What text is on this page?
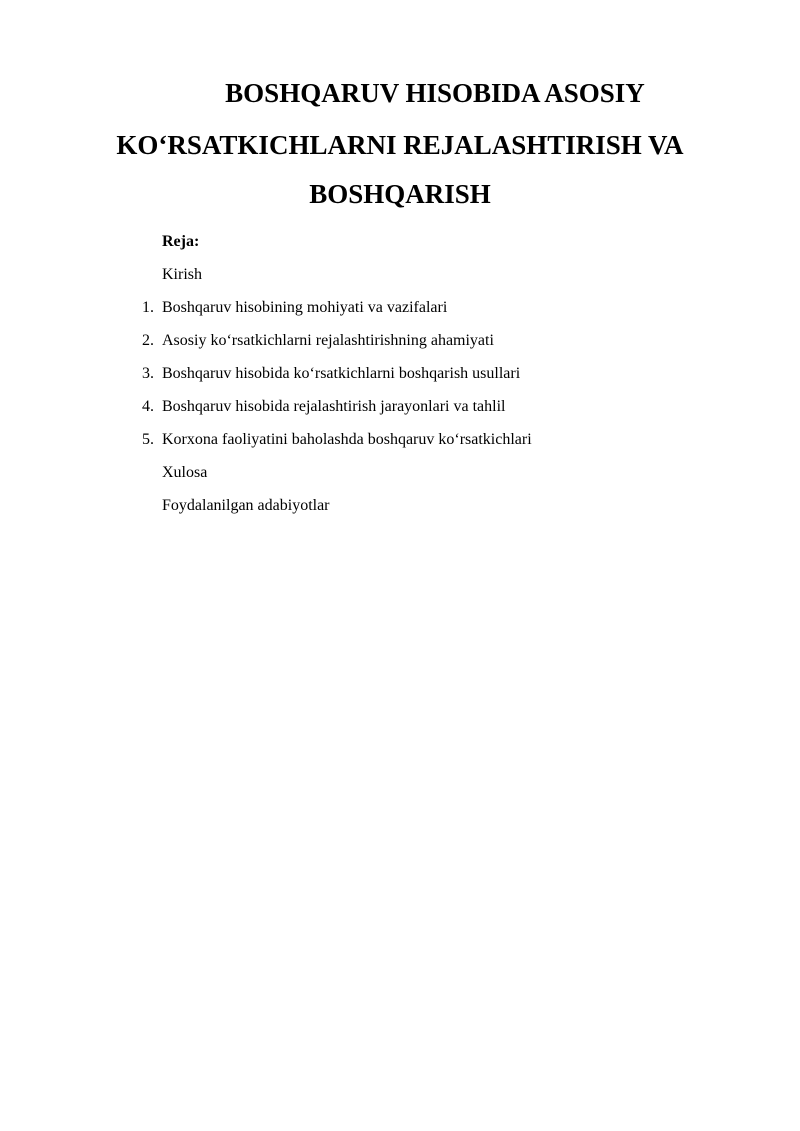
BOSHQARUV HISOBIDA ASOSIY
KO‘RSATKICHLARNI REJALASHTIRISH VA
BOSHQARISH
Reja:
Kirish
1. Boshqaruv hisobining mohiyati va vazifalari
2. Asosiy ko‘rsatkichlarni rejalashtirishning ahamiyati
3. Boshqaruv hisobida ko‘rsatkichlarni boshqarish usullari
4. Boshqaruv hisobida rejalashtirish jarayonlari va tahlil
5. Korxona faoliyatini baholashda boshqaruv ko‘rsatkichlari
Xulosa
Foydalanilgan adabiyotlar
